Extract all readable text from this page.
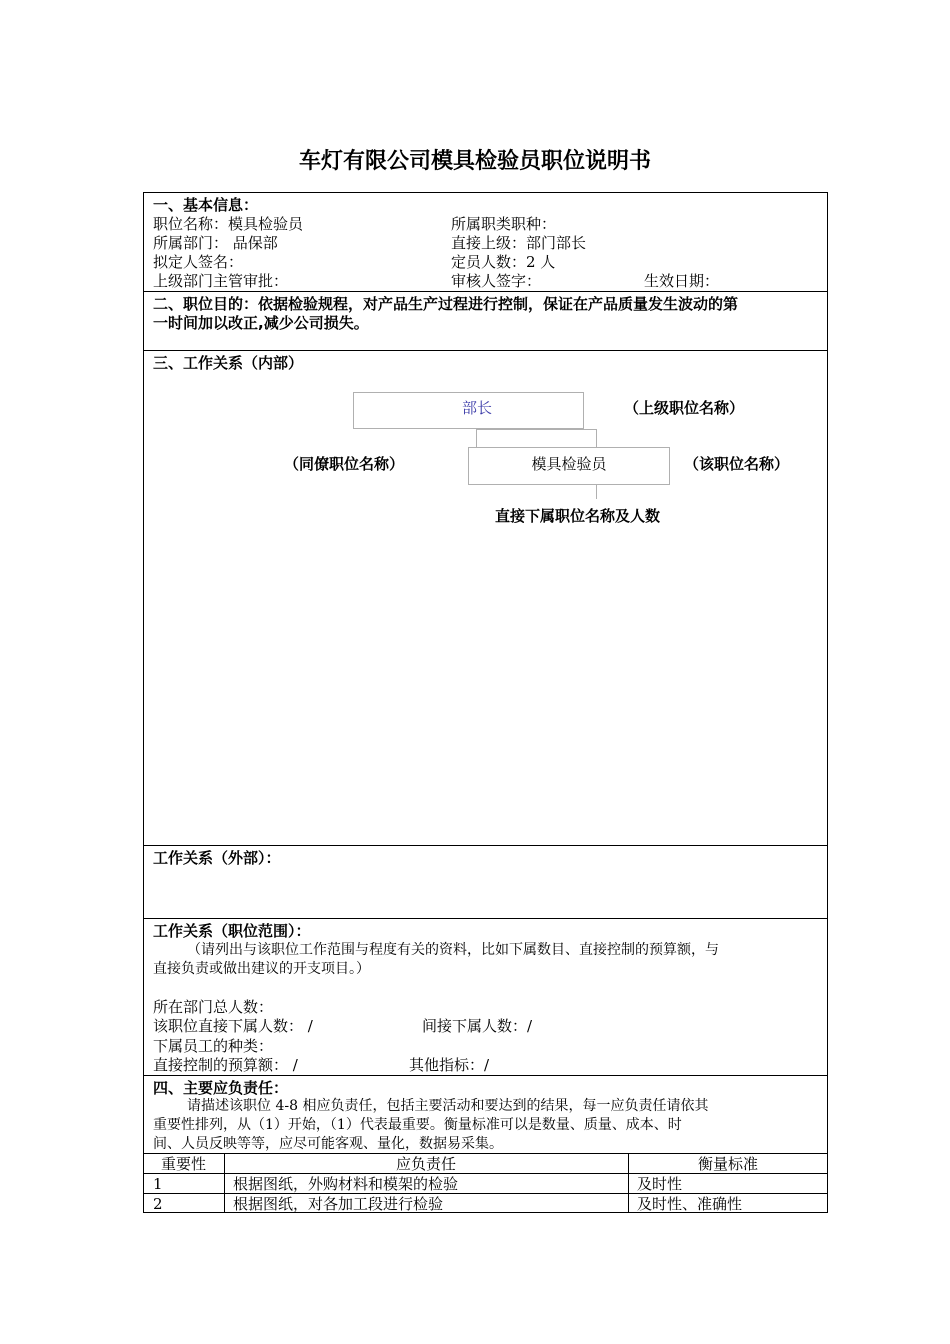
车灯有限公司模具检验员职位说明书
一、基本信息：
职位名称：模具检验员	所属职类职种：
所属部门： 品保部	直接上级：部门部长
拟定人签名：	定员人数：2 人
上级部门主管审批：	审核人签字：	生效日期：
二、职位目的：依据检验规程，对产品生产过程进行控制，保证在产品质量发生波动的第
一时间加以改正,减少公司损失。
三、工作关系（内部）
部长	（上级职位名称）
（同僚职位名称）	模具检验员	（该职位名称）
直接下属职位名称及人数
工作关系（外部）：
工作关系（职位范围）：
（请列出与该职位工作范围与程度有关的资料，比如下属数目、直接控制的预算额，与
直接负责或做出建议的开支项目。）
所在部门总人数：
该职位直接下属人数： /	间接下属人数：/
下属员工的种类：
直接控制的预算额： /	其他指标：/
四、主要应负责任：
请描述该职位 4-8 相应负责任，包括主要活动和要达到的结果，每一应负责任请依其
重要性排列，从（1）开始，（1）代表最重要。衡量标准可以是数量、质量、成本、时
间、人员反映等等，应尽可能客观、量化，数据易采集。
重要性	应负责任	衡量标准
1	根据图纸，外购材料和模架的检验	及时性
2	根据图纸，对各加工段进行检验	及时性、准确性
